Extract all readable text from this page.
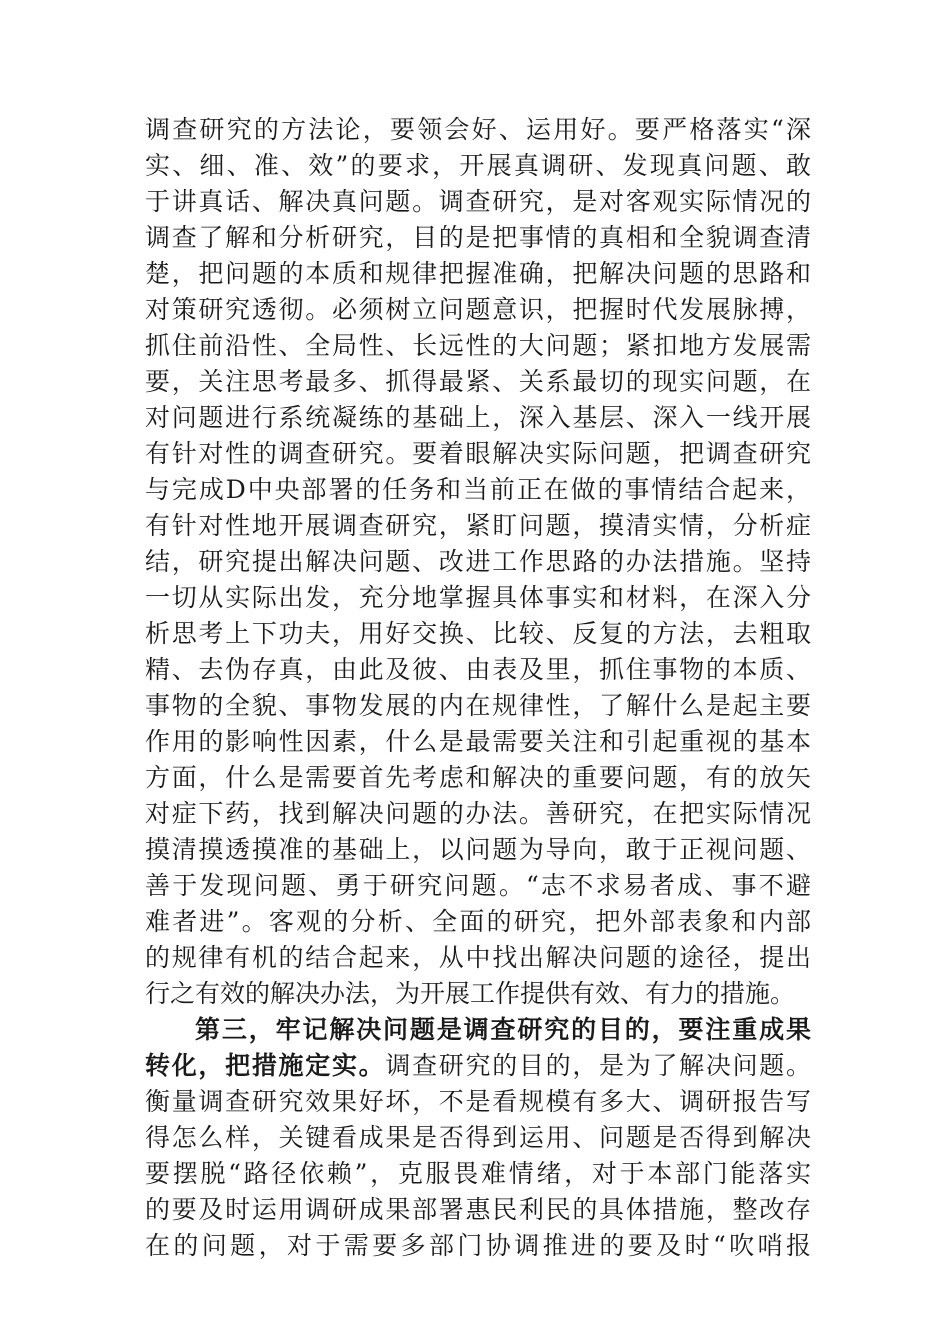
调查研究的方法论，要领会好、运用好。要严格落实“深
实、细、准、效”的要求，开展真调研、发现真问题、敢
于讲真话、解决真问题。调查研究，是对客观实际情况的
调查了解和分析研究，目的是把事情的真相和全貌调查清
楚，把问题的本质和规律把握准确，把解决问题的思路和
对策研究透彻。必须树立问题意识，把握时代发展脉搏，
抓住前沿性、全局性、长远性的大问题；紧扣地方发展需
要，关注思考最多、抓得最紧、关系最切的现实问题，在
对问题进行系统凝练的基础上，深入基层、深入一线开展
有针对性的调查研究。要着眼解决实际问题，把调查研究
与完成D中央部署的任务和当前正在做的事情结合起来，
有针对性地开展调查研究，紧盯问题，摸清实情，分析症
结，研究提出解决问题、改进工作思路的办法措施。坚持
一切从实际出发，充分地掌握具体事实和材料，在深入分
析思考上下功夫，用好交换、比较、反复的方法，去粗取
精、去伪存真，由此及彼、由表及里，抓住事物的本质、
事物的全貌、事物发展的内在规律性，了解什么是起主要
作用的影响性因素，什么是最需要关注和引起重视的基本
方面，什么是需要首先考虑和解决的重要问题，有的放矢
对症下药，找到解决问题的办法。善研究，在把实际情况
摸清摸透摸准的基础上，以问题为导向，敢于正视问题、
善于发现问题、勇于研究问题。“志不求易者成、事不避
难者进”。客观的分析、全面的研究，把外部表象和内部
的规律有机的结合起来，从中找出解决问题的途径，提出
行之有效的解决办法，为开展工作提供有效、有力的措施。
第三，牢记解决问题是调查研究的目的，要注重成果
转化，把措施定实。调查研究的目的，是为了解决问题。
衡量调查研究效果好坏，不是看规模有多大、调研报告写
得怎么样，关键看成果是否得到运用、问题是否得到解决
要摆脱“路径依赖”，克服畏难情绪，对于本部门能落实
的要及时运用调研成果部署惠民利民的具体措施，整改存
在的问题，对于需要多部门协调推进的要及时“吹哨报
